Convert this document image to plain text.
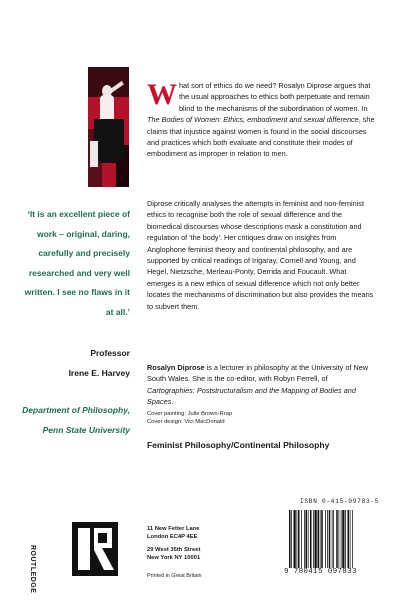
What sort of ethics do we need? Rosalyn Diprose argues that the usual approaches to ethics both perpetuate and remain blind to the mechanisms of the subordination of women. In The Bodies of Women: Ethics, embodiment and sexual difference, she claims that injustice against women is found in the social discourses and practices which both evaluate and constitute their modes of embodiment as improper in relation to men.

Diprose critically analyses the attempts in feminist and non-feminist ethics to recognise both the role of sexual difference and the biomedical discourses whose descriptions mask a constitution and regulation of 'the body'. Her critiques draw on insights from Anglophone feminist theory and continental philosophy, and are supported by critical readings of Irigaray, Cornell and Young, and Hegel, Nietzsche, Merleau-Ponty, Derrida and Foucault. What emerges is a new ethics of sexual difference which not only better locates the mechanisms of discrimination but also provides the means to subvert them.

Rosalyn Diprose is a lecturer in philosophy at the University of New South Wales. She is the co-editor, with Robyn Ferrell, of Cartographies: Poststructuralism and the Mapping of Bodies and Spaces.

Cover painting: Julie Brown-Rrap
Cover design: Vici MacDonald
Feminist Philosophy/Continental Philosophy
‘It is an excellent piece of work – original, daring, carefully and precisely researched and very well written. I see no flaws in it at all.’
Professor
Irene E. Harvey
Department of Philosophy, Penn State University
ROUTLEDGE
11 New Fetter Lane
London EC4P 4EE
29 West 35th Street
New York NY 10001
Printed in Great Britain
ISBN 0-415-09783-5
9 780415 097833
